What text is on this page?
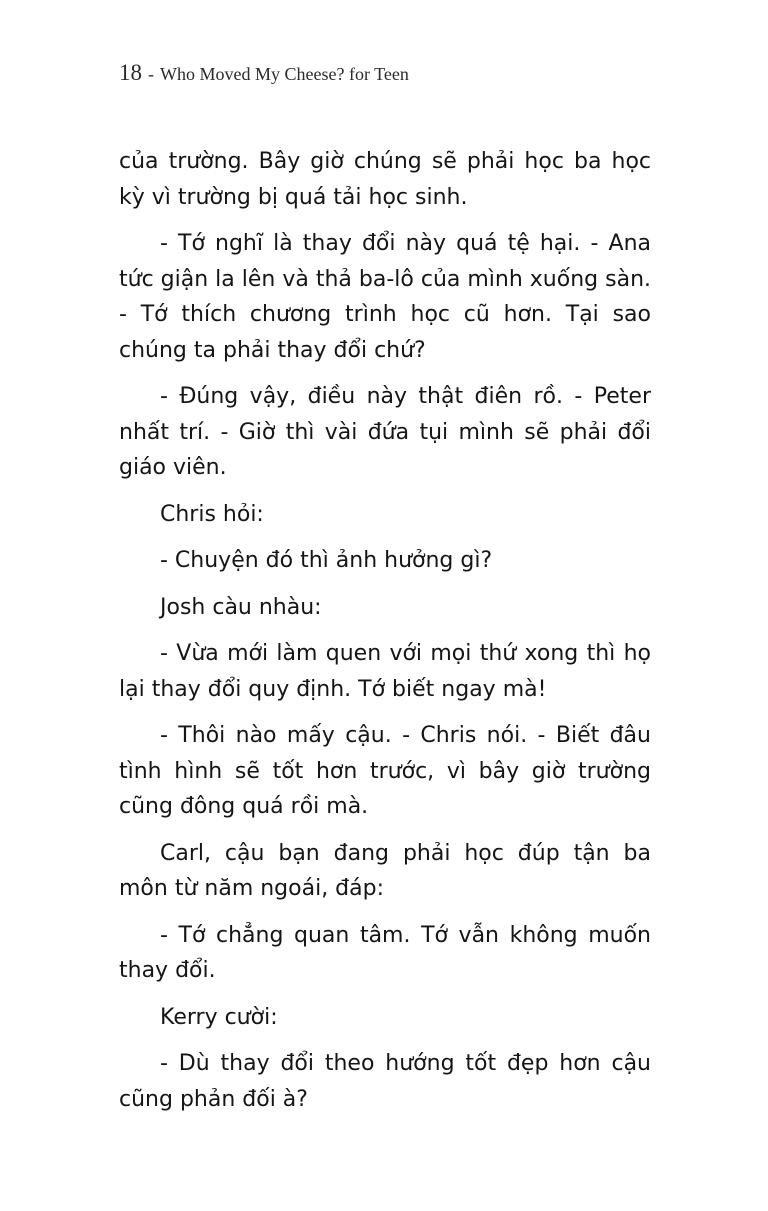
18 - Who Moved My Cheese? for Teen

của trường. Bây giờ chúng sẽ phải học ba học kỳ vì trường bị quá tải học sinh.

- Tớ nghĩ là thay đổi này quá tệ hại. - Ana tức giận la lên và thả ba-lô của mình xuống sàn. - Tớ thích chương trình học cũ hơn. Tại sao chúng ta phải thay đổi chứ?

- Đúng vậy, điều này thật điên rồ. - Peter nhất trí. - Giờ thì vài đứa tụi mình sẽ phải đổi giáo viên.

Chris hỏi:

- Chuyện đó thì ảnh hưởng gì?

Josh càu nhàu:

- Vừa mới làm quen với mọi thứ xong thì họ lại thay đổi quy định. Tớ biết ngay mà!

- Thôi nào mấy cậu. - Chris nói. - Biết đâu tình hình sẽ tốt hơn trước, vì bây giờ trường cũng đông quá rồi mà.

Carl, cậu bạn đang phải học đúp tận ba môn từ năm ngoái, đáp:

- Tớ chẳng quan tâm. Tớ vẫn không muốn thay đổi.

Kerry cười:

- Dù thay đổi theo hướng tốt đẹp hơn cậu cũng phản đối à?
